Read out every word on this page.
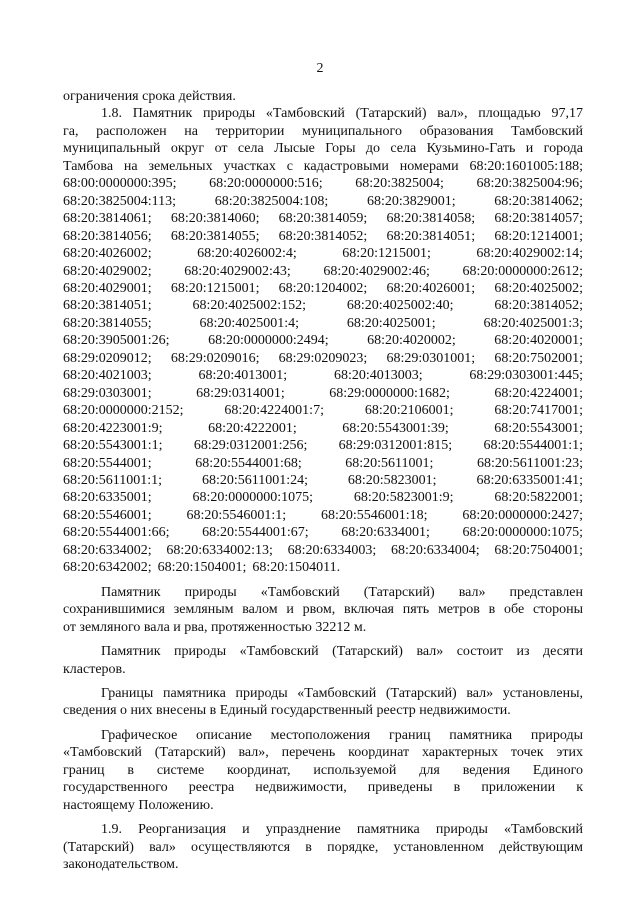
2

ограничения срока действия.

1.8. Памятник природы «Тамбовский (Татарский) вал», площадью 97,17
га, расположен на территории муниципального образования Тамбовский
муниципальный округ от села Лысые Горы до села Кузьмино-Гать и города
Тамбова на земельных участках с кадастровыми номерами 68:20:1601005:188;
68:00:0000000:395; 68:20:0000000:516; 68:20:3825004; 68:20:3825004:96;
68:20:3825004:113;	68:20:3825004:108;	68:20:3829001;	68:20:3814062;
68:20:3814061; 68:20:3814060; 68:20:3814059; 68:20:3814058; 68:20:3814057;
68:20:3814056; 68:20:3814055; 68:20:3814052; 68:20:3814051; 68:20:1214001;
68:20:4026002;	68:20:4026002:4;	68:20:1215001;	68:20:4029002:14;
68:20:4029002; 68:20:4029002:43; 68:20:4029002:46; 68:20:0000000:2612;
68:20:4029001; 68:20:1215001; 68:20:1204002; 68:20:4026001; 68:20:4025002;
68:20:3814051;	68:20:4025002:152;	68:20:4025002:40;	68:20:3814052;
68:20:3814055;	68:20:4025001:4;	68:20:4025001;	68:20:4025001:3;
68:20:3905001:26;	68:20:0000000:2494;	68:20:4020002;	68:20:4020001;
68:29:0209012; 68:29:0209016; 68:29:0209023; 68:29:0301001; 68:20:7502001;
68:20:4021003;	68:20:4013001;	68:20:4013003;	68:29:0303001:445;
68:29:0303001;	68:29:0314001;	68:29:0000000:1682;	68:20:4224001;
68:20:0000000:2152;	68:20:4224001:7;	68:20:2106001;	68:20:7417001;
68:20:4223001:9;	68:20:4222001;	68:20:5543001:39;	68:20:5543001;
68:20:5543001:1; 68:29:0312001:256; 68:29:0312001:815; 68:20:5544001:1;
68:20:5544001;	68:20:5544001:68;	68:20:5611001;	68:20:5611001:23;
68:20:5611001:1;	68:20:5611001:24;	68:20:5823001;	68:20:6335001:41;
68:20:6335001;	68:20:0000000:1075;	68:20:5823001:9;	68:20:5822001;
68:20:5546001; 68:20:5546001:1; 68:20:5546001:18; 68:20:0000000:2427;
68:20:5544001:66; 68:20:5544001:67; 68:20:6334001; 68:20:0000000:1075;
68:20:6334002; 68:20:6334002:13; 68:20:6334003; 68:20:6334004; 68:20:7504001;
68:20:6342002; 68:20:1504001; 68:20:1504011.
Памятник природы «Тамбовский (Татарский) вал» представлен
сохранившимися земляным валом и рвом, включая пять метров в обе стороны
от земляного вала и рва, протяженностью 32212 м.
Памятник природы «Тамбовский (Татарский) вал» состоит из десяти
кластеров.
Границы памятника природы «Тамбовский (Татарский) вал» установлены,
сведения о них внесены в Единый государственный реестр недвижимости.
Графическое описание местоположения границ памятника природы
«Тамбовский (Татарский) вал», перечень координат характерных точек этих
границ в системе координат, используемой для ведения Единого
государственного реестра недвижимости, приведены в приложении к
настоящему Положению.
1.9. Реорганизация и упразднение памятника природы «Тамбовский
(Татарский) вал» осуществляются в порядке, установленном действующим
законодательством.
